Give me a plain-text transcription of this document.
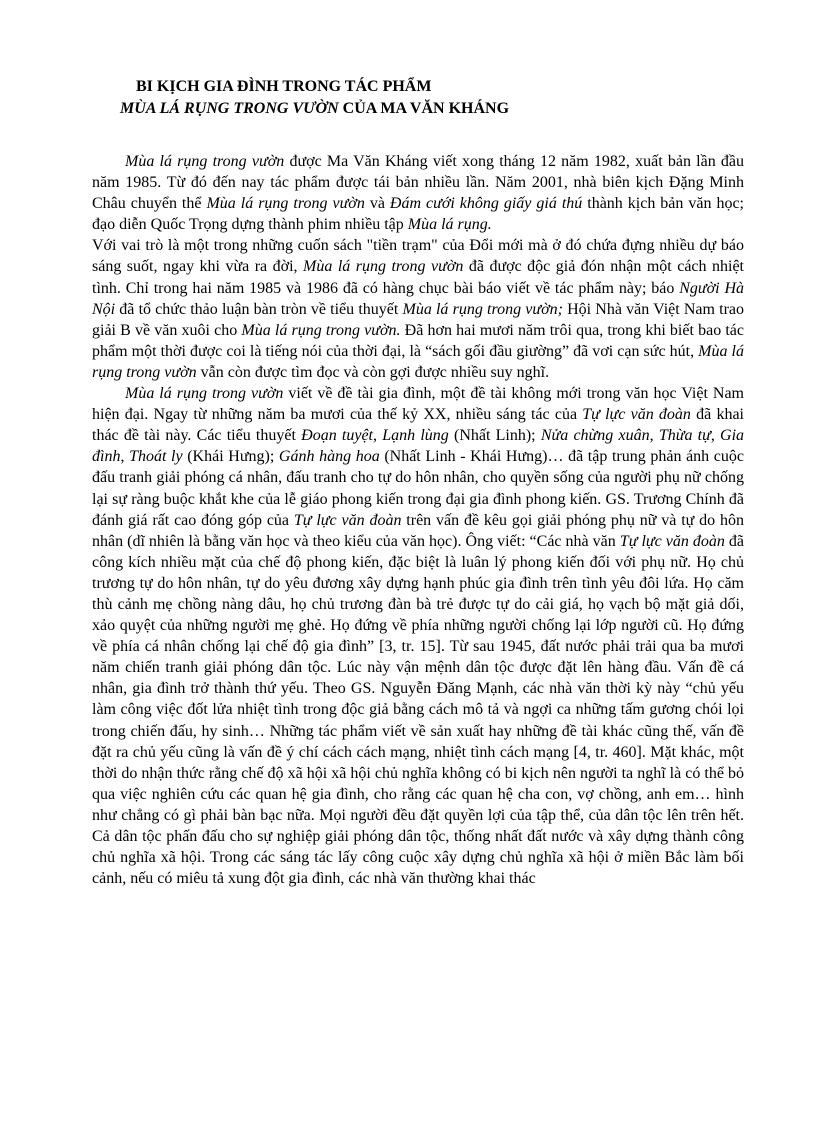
BI KỊCH GIA ĐÌNH TRONG TÁC PHẨM
MÙA LÁ RỤNG TRONG VƯỜN CỦA MA VĂN KHÁNG

Mùa lá rụng trong vườn được Ma Văn Kháng viết xong tháng 12 năm 1982, xuất bản lần đầu năm 1985. Từ đó đến nay tác phẩm được tái bản nhiều lần. Năm 2001, nhà biên kịch Đặng Minh Châu chuyển thể Mùa lá rụng trong vườn và Đám cưới không giấy giá thú thành kịch bản văn học; đạo diễn Quốc Trọng dựng thành phim nhiều tập Mùa lá rụng.

Với vai trò là một trong những cuốn sách "tiền trạm" của Đổi mới mà ở đó chứa đựng nhiều dự báo sáng suốt, ngay khi vừa ra đời, Mùa lá rụng trong vườn đã được độc giả đón nhận một cách nhiệt tình. Chỉ trong hai năm 1985 và 1986 đã có hàng chục bài báo viết về tác phẩm này; báo Người Hà Nội đã tổ chức thảo luận bàn tròn về tiểu thuyết Mùa lá rụng trong vườn; Hội Nhà văn Việt Nam trao giải B về văn xuôi cho Mùa lá rụng trong vườn. Đã hơn hai mươi năm trôi qua, trong khi biết bao tác phẩm một thời được coi là tiếng nói của thời đại, là “sách gối đầu giường” đã vơi cạn sức hút, Mùa lá rụng trong vườn vẫn còn được tìm đọc và còn gợi được nhiều suy nghĩ.

Mùa lá rụng trong vườn viết về đề tài gia đình, một đề tài không mới trong văn học Việt Nam hiện đại. Ngay từ những năm ba mươi của thế kỷ XX, nhiều sáng tác của Tự lực văn đoàn đã khai thác đề tài này. Các tiểu thuyết Đoạn tuyệt, Lạnh lùng (Nhất Linh); Nửa chừng xuân, Thừa tự, Gia đình, Thoát ly (Khái Hưng); Gánh hàng hoa (Nhất Linh - Khái Hưng)… đã tập trung phản ánh cuộc đấu tranh giải phóng cá nhân, đấu tranh cho tự do hôn nhân, cho quyền sống của người phụ nữ chống lại sự ràng buộc khắt khe của lễ giáo phong kiến trong đại gia đình phong kiến. GS. Trương Chính đã đánh giá rất cao đóng góp của Tự lực văn đoàn trên vấn đề kêu gọi giải phóng phụ nữ và tự do hôn nhân (dĩ nhiên là bằng văn học và theo kiểu của văn học). Ông viết: “Các nhà văn Tự lực văn đoàn đã công kích nhiều mặt của chế độ phong kiến, đặc biệt là luân lý phong kiến đối với phụ nữ. Họ chủ trương tự do hôn nhân, tự do yêu đương xây dựng hạnh phúc gia đình trên tình yêu đôi lứa. Họ căm thù cảnh mẹ chồng nàng dâu, họ chủ trương đàn bà trẻ được tự do cải giá, họ vạch bộ mặt giả dối, xảo quyệt của những người mẹ ghẻ. Họ đứng về phía những người chống lại lớp người cũ. Họ đứng về phía cá nhân chống lại chế độ gia đình” [3, tr. 15]. Từ sau 1945, đất nước phải trải qua ba mươi năm chiến tranh giải phóng dân tộc. Lúc này vận mệnh dân tộc được đặt lên hàng đầu. Vấn đề cá nhân, gia đình trở thành thứ yếu. Theo GS. Nguyễn Đăng Mạnh, các nhà văn thời kỳ này “chủ yếu làm công việc đốt lửa nhiệt tình trong độc giả bằng cách mô tả và ngợi ca những tấm gương chói lọi trong chiến đấu, hy sinh… Những tác phẩm viết về sản xuất hay những đề tài khác cũng thế, vấn đề đặt ra chủ yếu cũng là vấn đề ý chí cách cách mạng, nhiệt tình cách mạng [4, tr. 460]. Mặt khác, một thời do nhận thức rằng chế độ xã hội xã hội chủ nghĩa không có bi kịch nên người ta nghĩ là có thể bỏ qua việc nghiên cứu các quan hệ gia đình, cho rằng các quan hệ cha con, vợ chồng, anh em… hình như chẳng có gì phải bàn bạc nữa. Mọi người đều đặt quyền lợi của tập thể, của dân tộc lên trên hết. Cả dân tộc phấn đấu cho sự nghiệp giải phóng dân tộc, thống nhất đất nước và xây dựng thành công chủ nghĩa xã hội. Trong các sáng tác lấy công cuộc xây dựng chủ nghĩa xã hội ở miền Bắc làm bối cảnh, nếu có miêu tả xung đột gia đình, các nhà văn thường khai thác
